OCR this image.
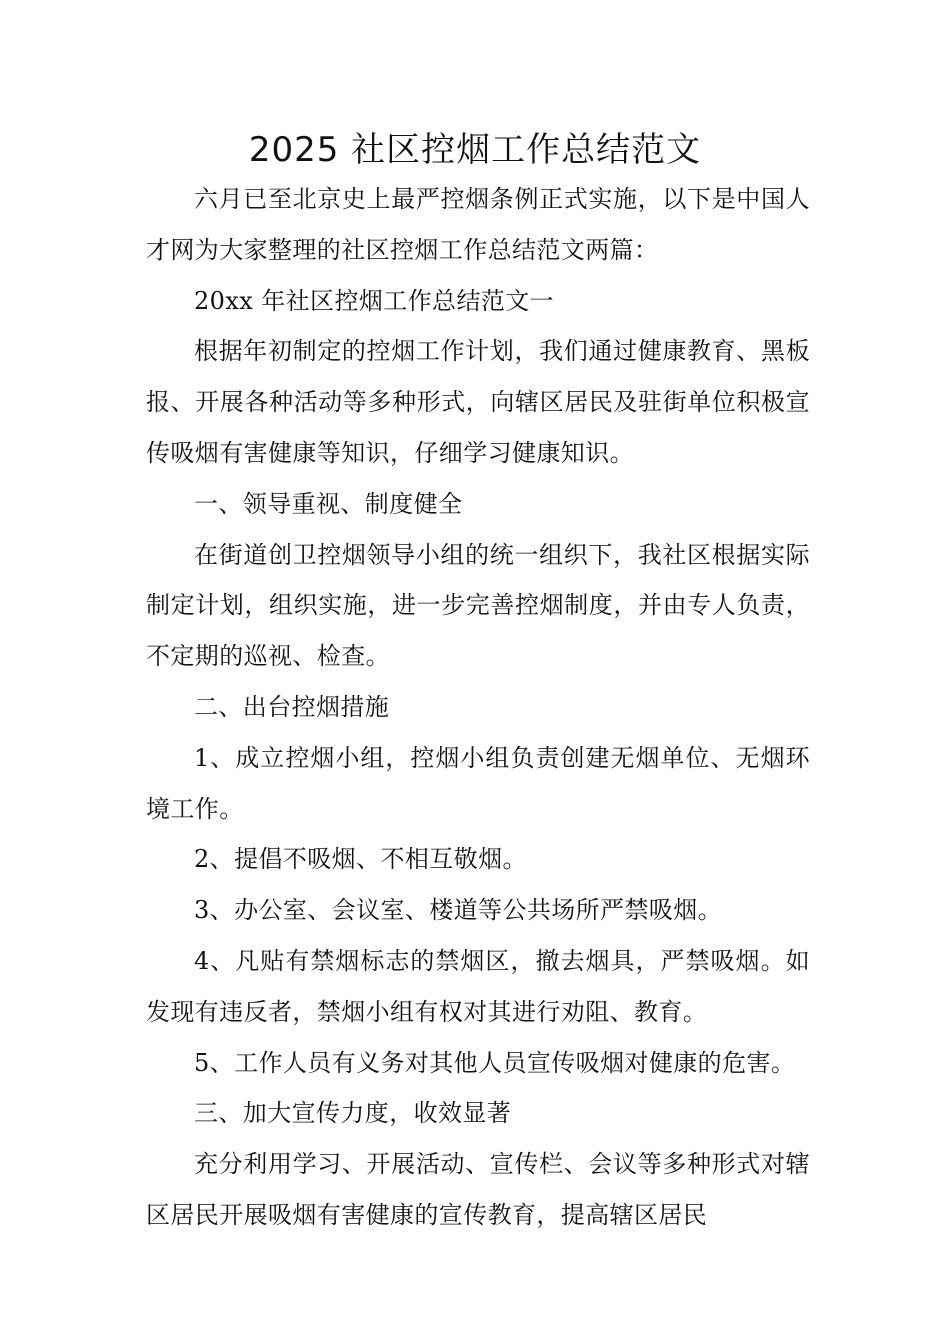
2025 社区控烟工作总结范文

六月已至北京史上最严控烟条例正式实施，以下是中国人才网为大家整理的社区控烟工作总结范文两篇：

20xx 年社区控烟工作总结范文一

根据年初制定的控烟工作计划，我们通过健康教育、黑板报、开展各种活动等多种形式，向辖区居民及驻街单位积极宣传吸烟有害健康等知识，仔细学习健康知识。

一、领导重视、制度健全

在街道创卫控烟领导小组的统一组织下，我社区根据实际制定计划，组织实施，进一步完善控烟制度，并由专人负责，不定期的巡视、检查。

二、出台控烟措施

1、成立控烟小组，控烟小组负责创建无烟单位、无烟环境工作。

2、提倡不吸烟、不相互敬烟。

3、办公室、会议室、楼道等公共场所严禁吸烟。

4、凡贴有禁烟标志的禁烟区，撤去烟具，严禁吸烟。如发现有违反者，禁烟小组有权对其进行劝阻、教育。

5、工作人员有义务对其他人员宣传吸烟对健康的危害。

三、加大宣传力度，收效显著

充分利用学习、开展活动、宣传栏、会议等多种形式对辖区居民开展吸烟有害健康的宣传教育，提高辖区居民
